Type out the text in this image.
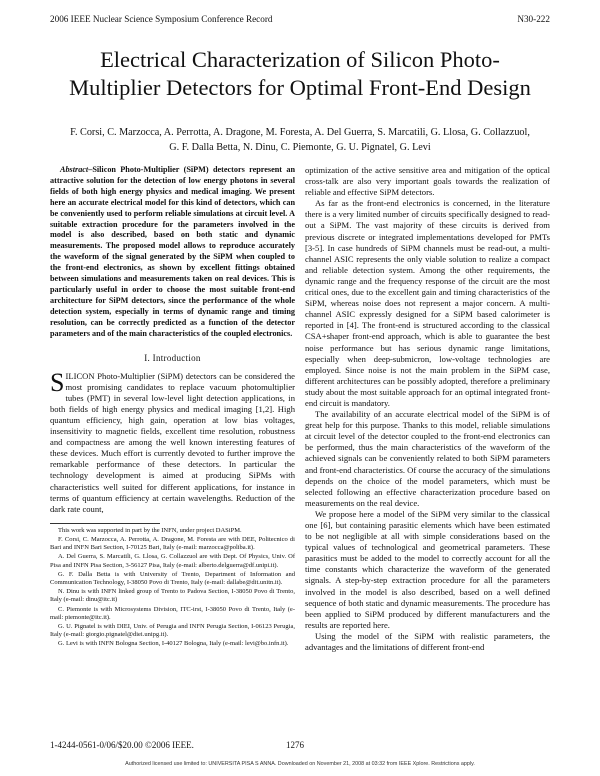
2006 IEEE Nuclear Science Symposium Conference Record	N30-222
Electrical Characterization of Silicon Photo-
Multiplier Detectors for Optimal Front-End Design
F. Corsi, C. Marzocca, A. Perrotta, A. Dragone, M. Foresta, A. Del Guerra, S. Marcatili, G. Llosa, G. Collazzuol,
G. F. Dalla Betta, N. Dinu, C. Piemonte, G. U. Pignatel, G. Levi

Abstract–Silicon Photo-Multiplier (SiPM) detectors represent an attractive solution for the detection of low energy photons in several fields of both high energy physics and medical imaging. We present here an accurate electrical model for this kind of detectors, which can be conveniently used to perform reliable simulations at circuit level. A suitable extraction procedure for the parameters involved in the model is also described, based on both static and dynamic measurements. The proposed model allows to reproduce accurately the waveform of the signal generated by the SiPM when coupled to the front-end electronics, as shown by excellent fittings obtained between simulations and measurements taken on real devices. This is particularly useful in order to choose the most suitable front-end architecture for SiPM detectors, since the performance of the whole detection system, especially in terms of dynamic range and timing resolution, can be correctly predicted as a function of the detector parameters and of the main characteristics of the coupled electronics.

I. Introduction

SILICON Photo-Multiplier (SiPM) detectors can be considered the most promising candidates to replace vacuum photomultiplier tubes (PMT) in several low-level light detection applications, in both fields of high energy physics and medical imaging [1,2]. High quantum efficiency, high gain, operation at low bias voltages, insensitivity to magnetic fields, excellent time resolution, robustness and compactness are among the well known interesting features of these devices. Much effort is currently devoted to further improve the remarkable performance of these detectors. In particular the technology development is aimed at producing SiPMs with characteristics well suited for different applications, for instance in terms of quantum efficiency at certain wavelengths. Reduction of the dark rate count,

This work was supported in part by the INFN, under project DASiPM.

F. Corsi, C. Marzocca, A. Perrotta, A. Dragone, M. Foresta are with DEE, Politecnico di Bari and INFN Bari Section, I-70125 Bari, Italy (e-mail: marzocca@poliba.it).

A. Del Guerra, S. Marcatili, G. Llosa, G. Collazzuol are with Dept. Of Physics, Univ. Of Pisa and INFN Pisa Section, 3-56127 Pisa, Italy (e-mail: alberto.delguerra@df.unipi.it).

G. F. Dalla Betta is with University of Trento, Department of Information and Communication Technology, I-38050 Povo di Trento, Italy (e-mail: dallabe@dit.unitn.it).

N. Dinu is with INFN linked group of Trento to Padova Section, I-38050 Povo di Trento, Italy (e-mail: dinu@itc.it)

C. Piemonte is with Microsystems Division, ITC-irst, I-38050 Povo di Trento, Italy (e-mail: piemonte@itc.it).

G. U. Pignatel is with DIEI, Univ. of Perugia and INFN Perugia Section, I-06123 Perugia, Italy (e-mail: giorgio.pignatel@diei.unipg.it).

G. Levi is with INFN Bologna Section, I-40127 Bologna, Italy (e-mail: levi@bo.infn.it).

optimization of the active sensitive area and mitigation of the optical cross-talk are also very important goals towards the realization of reliable and effective SiPM detectors.

As far as the front-end electronics is concerned, in the literature there is a very limited number of circuits specifically designed to read-out a SiPM. The vast majority of these circuits is derived from previous discrete or integrated implementations developed for PMTs [3-5]. In case hundreds of SiPM channels must be read-out, a multi-channel ASIC represents the only viable solution to realize a compact and reliable detection system. Among the other requirements, the dynamic range and the frequency response of the circuit are the most critical ones, due to the excellent gain and timing characteristics of the SiPM, whereas noise does not represent a major concern. A multi-channel ASIC expressly designed for a SiPM based calorimeter is reported in [4]. The front-end is structured according to the classical CSA+shaper front-end approach, which is able to guarantee the best noise performance but has serious dynamic range limitations, especially when deep-submicron, low-voltage technologies are employed. Since noise is not the main problem in the SiPM case, different architectures can be possibly adopted, therefore a preliminary study about the most suitable approach for an optimal integrated front-end circuit is mandatory.

The availability of an accurate electrical model of the SiPM is of great help for this purpose. Thanks to this model, reliable simulations at circuit level of the detector coupled to the front-end electronics can be performed, thus the main characteristics of the waveform of the achieved signals can be conveniently related to both SiPM parameters and front-end characteristics. Of course the accuracy of the simulations depends on the choice of the model parameters, which must be selected following an effective characterization procedure based on measurements on the real device.

We propose here a model of the SiPM very similar to the classical one [6], but containing parasitic elements which have been estimated to be not negligible at all with simple considerations based on the typical values of technological and geometrical parameters. These parasitics must be added to the model to correctly account for all the time constants which characterize the waveform of the generated signals. A step-by-step extraction procedure for all the parameters involved in the model is also described, based on a well defined sequence of both static and dynamic measurements. The procedure has been applied to SiPM produced by different manufacturers and the results are reported here.

Using the model of the SiPM with realistic parameters, the advantages and the limitations of different front-end

1-4244-0561-0/06/$20.00 ©2006 IEEE.	1276
Authorized licensed use limited to: UNIVERSITA PISA S ANNA. Downloaded on November 21, 2008 at 03:32 from IEEE Xplore. Restrictions apply.
